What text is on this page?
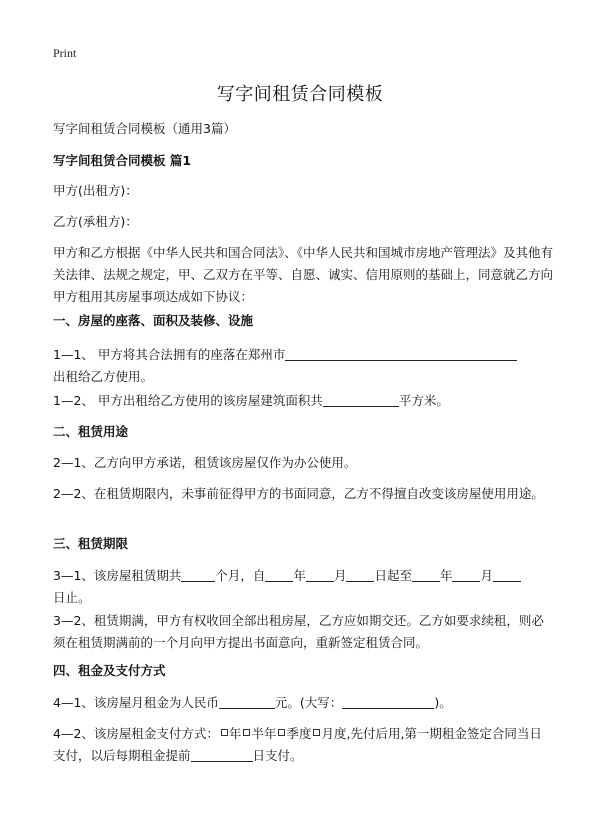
Print
写字间租赁合同模板

写字间租赁合同模板（通用3篇）

写字间租赁合同模板 篇1

甲方(出租方)：

乙方(承租方)：

甲方和乙方根据《中华人民共和国合同法》、《中华人民共和国城市房地产管理法》及其他有关法律、法规之规定，甲、乙双方在平等、自愿、诚实、信用原则的基础上，同意就乙方向甲方租用其房屋事项达成如下协议：

一、房屋的座落、面积及装修、设施

1—1、 甲方将其合法拥有的座落在郑州市
出租给乙方使用。

1—2、 甲方出租给乙方使用的该房屋建筑面积共	平方米。

二、租赁用途

2—1、乙方向甲方承诺，租赁该房屋仅作为办公使用。

2—2、在租赁期限内，未事前征得甲方的书面同意，乙方不得擅自改变该房屋使用用途。

三、租赁期限

3—1、该房屋租赁期共	个月，自 年 月 日起至 年 月
日止。

3—2、租赁期满，甲方有权收回全部出租房屋，乙方应如期交还。乙方如要求续租，则必须在租赁期满前的一个月向甲方提出书面意向，重新签定租赁合同。

四、租金及支付方式

4—1、该房屋月租金为人民币	元。(大写：	)。

4—2、该房屋租金支付方式： 年 半年 季度 月度,先付后用,第一期租金签定合同当日支付，以后每期租金提前	日支付。
